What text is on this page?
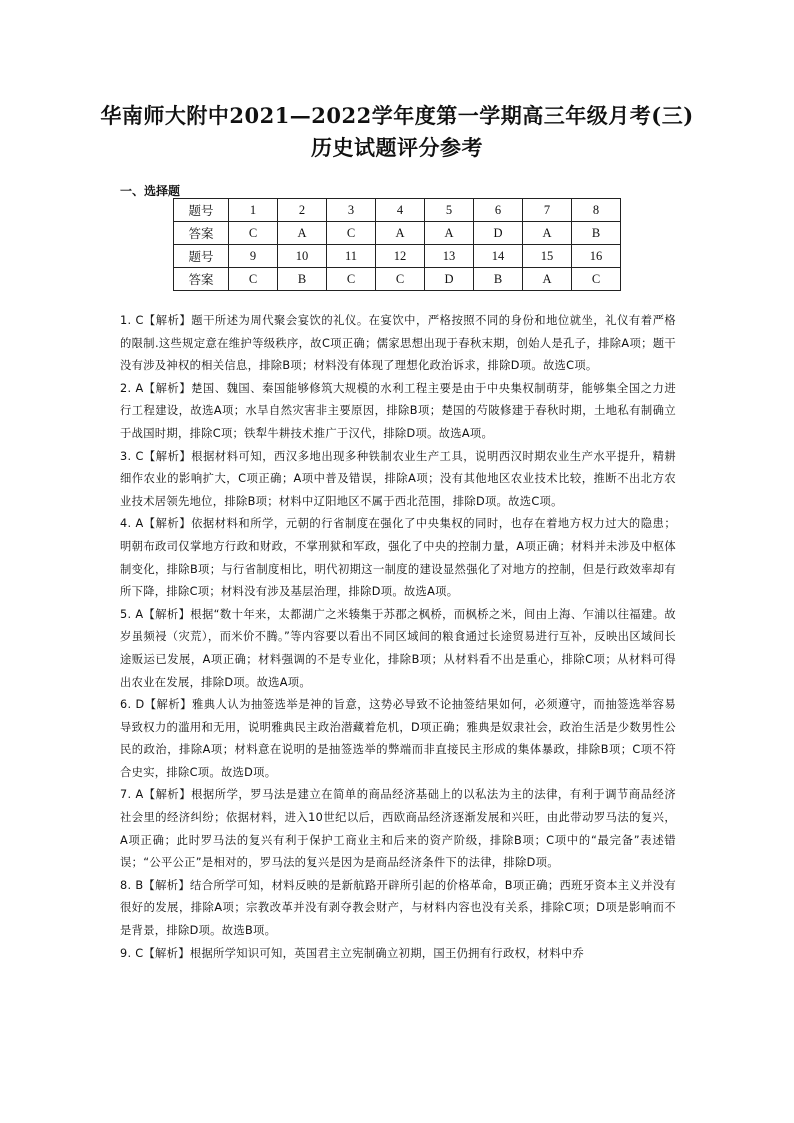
华南师大附中2021—2022学年度第一学期高三年级月考(三)
历史试题评分参考
一、选择题
题号	1	2	3	4	5	6	7	8
答案	C	A	C	A	A	D	A	B
题号	9	10	11	12	13	14	15	16
答案	C	B	C	C	D	B	A	C

1. C【解析】题干所述为周代聚会宴饮的礼仪。在宴饮中，严格按照不同的身份和地位就坐，礼仪有着严格的限制.这些规定意在维护等级秩序，故C项正确；儒家思想出现于春秋末期，创始人是孔子，排除A项；题干没有涉及神权的相关信息，排除B项；材料没有体现了理想化政治诉求，排除D项。故选C项。

2. A【解析】楚国、魏国、秦国能够修筑大规模的水利工程主要是由于中央集权制萌芽，能够集全国之力进行工程建设，故选A项；水旱自然灾害非主要原因，排除B项；楚国的芍陂修建于春秋时期，土地私有制确立于战国时期，排除C项；铁犁牛耕技术推广于汉代，排除D项。故选A项。

3. C【解析】根据材料可知，西汉多地出现多种铁制农业生产工具，说明西汉时期农业生产水平提升，精耕细作农业的影响扩大，C项正确；A项中普及错误，排除A项；没有其他地区农业技术比较，推断不出北方农业技术居领先地位，排除B项；材料中辽阳地区不属于西北范围，排除D项。故选C项。

4. A【解析】依据材料和所学，元朝的行省制度在强化了中央集权的同时，也存在着地方权力过大的隐患；明朝布政司仅掌地方行政和财政，不掌刑狱和军政，强化了中央的控制力量，A项正确；材料并未涉及中枢体制变化，排除B项；与行省制度相比，明代初期这一制度的建设显然强化了对地方的控制，但是行政效率却有所下降，排除C项；材料没有涉及基层治理，排除D项。故选A项。

5. A【解析】根据“数十年来，太都湖广之米辏集于苏郡之枫桥，而枫桥之米，间由上海、乍浦以往福建。故岁虽频祲（灾荒），而米价不腾。”等内容要以看出不同区域间的粮食通过长途贸易进行互补，反映出区域间长途贩运已发展，A项正确；材料强调的不是专业化，排除B项；从材料看不出是重心，排除C项；从材料可得出农业在发展，排除D项。故选A项。

6. D【解析】雅典人认为抽签选举是神的旨意，这势必导致不论抽签结果如何，必须遵守，而抽签选举容易导致权力的滥用和无用，说明雅典民主政治潜藏着危机，D项正确；雅典是奴隶社会，政治生活是少数男性公民的政治，排除A项；材料意在说明的是抽签选举的弊端而非直接民主形成的集体暴政，排除B项；C项不符合史实，排除C项。故选D项。

7. A【解析】根据所学，罗马法是建立在简单的商品经济基础上的以私法为主的法律，有利于调节商品经济社会里的经济纠纷；依据材料，进入10世纪以后，西欧商品经济逐渐发展和兴旺，由此带动罗马法的复兴，A项正确；此时罗马法的复兴有利于保护工商业主和后来的资产阶级，排除B项；C项中的“最完备”表述错误；“公平公正”是相对的，罗马法的复兴是因为是商品经济条件下的法律，排除D项。

8. B【解析】结合所学可知，材料反映的是新航路开辟所引起的价格革命，B项正确；西班牙资本主义并没有很好的发展，排除A项；宗教改革并没有剥夺教会财产，与材料内容也没有关系，排除C项；D项是影响而不是背景，排除D项。故选B项。

9. C【解析】根据所学知识可知，英国君主立宪制确立初期，国王仍拥有行政权，材料中乔
